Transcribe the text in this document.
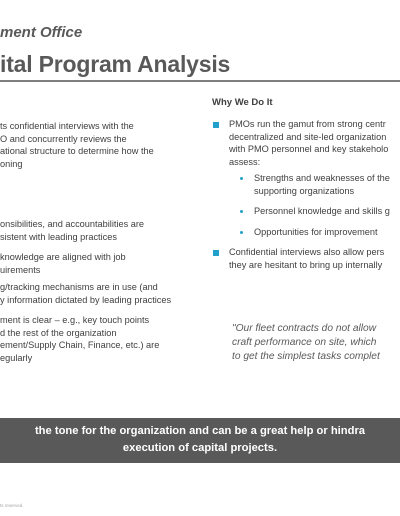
ment Office
ital Program Analysis
ts confidential interviews with the
O and concurrently reviews the
ational structure to determine how the
oning
onsibilities, and accountabilities are
sistent with leading practices
knowledge are aligned with job
uirements
g/tracking mechanisms are in use (and
y information dictated by leading practices
ment is clear – e.g., key touch points
d the rest of the organization
ement/Supply Chain, Finance, etc.) are
egularly
Why We Do It
PMOs run the gamut from strong centr
decentralized and site-led organization
with PMO personnel and key stakeholo
assess:
Strengths and weaknesses of the
supporting organizations
Personnel knowledge and skills g
Opportunities for improvement
Confidential interviews also allow pers
they are hesitant to bring up internally
"Our fleet contracts do not allow
craft performance on site, which
to get the simplest tasks complet
the tone for the organization and can be a great help or hindra
execution of capital projects.
ts reserved.
